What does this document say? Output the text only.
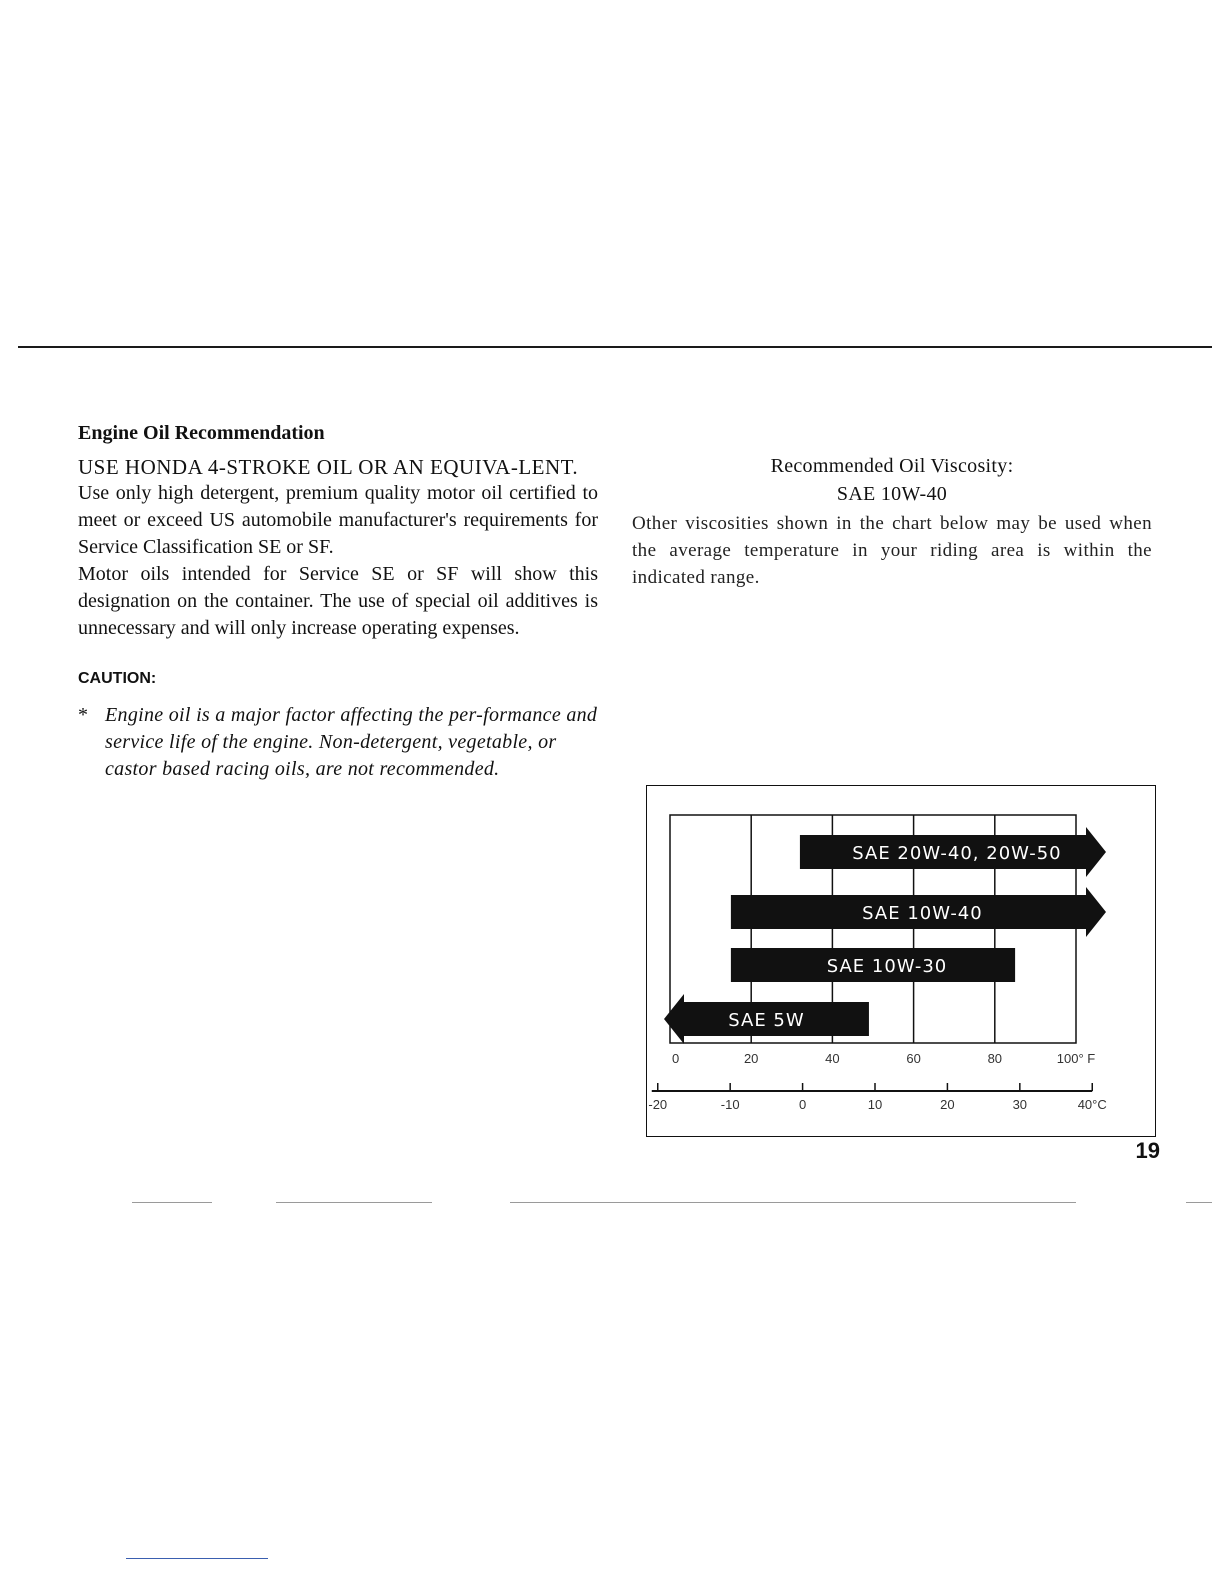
Engine Oil Recommendation

USE HONDA 4-STROKE OIL OR AN EQUIVA-LENT.

Use only high detergent, premium quality motor oil certified to meet or exceed US automobile manufacturer's requirements for Service Classification SE or SF.

Motor oils intended for Service SE or SF will show this designation on the container. The use of special oil additives is unnecessary and will only increase operating expenses.

CAUTION:
* Engine oil is a major factor affecting the per-formance and service life of the engine. Non-detergent, vegetable, or castor based racing oils, are not recommended.

Recommended Oil Viscosity:

SAE 10W-40

Other viscosities shown in the chart below may be used when the average temperature in your riding area is within the indicated range.

SAE 20W-40, 20W-50
SAE 10W-40
SAE 10W-30
SAE 5W
0	20	40	60	80	100° F
-20	-10	0	10	20	30	40°C
19
